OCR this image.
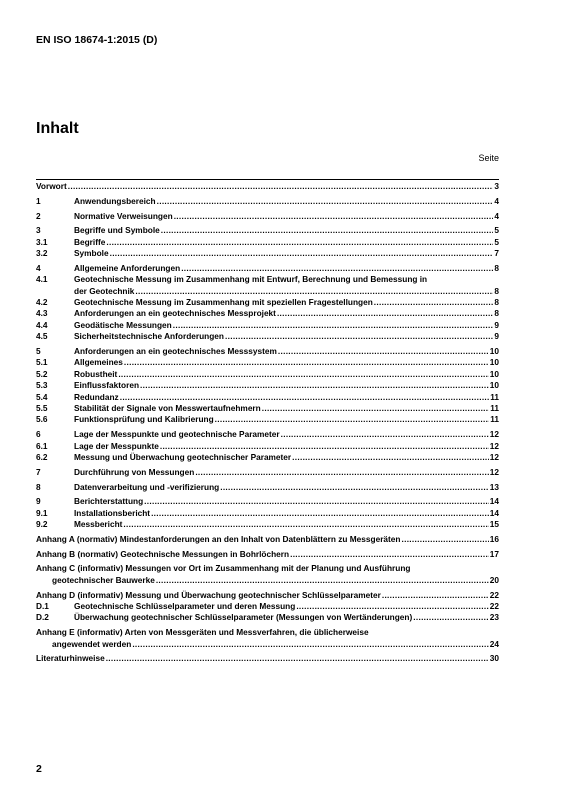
EN ISO 18674-1:2015 (D)
Inhalt
Seite
Vorwort .....	3
1	Anwendungsbereich .....	4
2	Normative Verweisungen .....	4
3	Begriffe und Symbole .....	5
3.1	Begriffe .....	5
3.2	Symbole .....	7
4	Allgemeine Anforderungen .....	8
4.1	Geotechnische Messung im Zusammenhang mit Entwurf, Berechnung und Bemessung in
der Geotechnik .....	8
4.2	Geotechnische Messung im Zusammenhang mit speziellen Fragestellungen .....	8
4.3	Anforderungen an ein geotechnisches Messprojekt .....	8
4.4	Geodätische Messungen .....	9
4.5	Sicherheitstechnische Anforderungen .....	9
5	Anforderungen an ein geotechnisches Messsystem .....	10
5.1	Allgemeines .....	10
5.2	Robustheit .....	10
5.3	Einflussfaktoren .....	10
5.4	Redundanz .....	11
5.5	Stabilität der Signale von Messwertaufnehmern .....	11
5.6	Funktionsprüfung und Kalibrierung .....	11
6	Lage der Messpunkte und geotechnische Parameter .....	12
6.1	Lage der Messpunkte .....	12
6.2	Messung und Überwachung geotechnischer Parameter .....	12
7	Durchführung von Messungen .....	12
8	Datenverarbeitung und -verifizierung .....	13
9	Berichterstattung .....	14
9.1	Installationsbericht .....	14
9.2	Messbericht .....	15
Anhang A (normativ) Mindestanforderungen an den Inhalt von Datenblättern zu Messgeräten .....	16
Anhang B (normativ) Geotechnische Messungen in Bohrlöchern .....	17
Anhang C (informativ) Messungen vor Ort im Zusammenhang mit der Planung und Ausführung
geotechnischer Bauwerke .....	20
Anhang D (informativ) Messung und Überwachung geotechnischer Schlüsselparameter .....	22
D.1	Geotechnische Schlüsselparameter und deren Messung .....	22
D.2	Überwachung geotechnischer Schlüsselparameter (Messungen von Wertänderungen) .....	23
Anhang E (informativ) Arten von Messgeräten und Messverfahren, die üblicherweise
angewendet werden .....	24
Literaturhinweise .....	30
2
